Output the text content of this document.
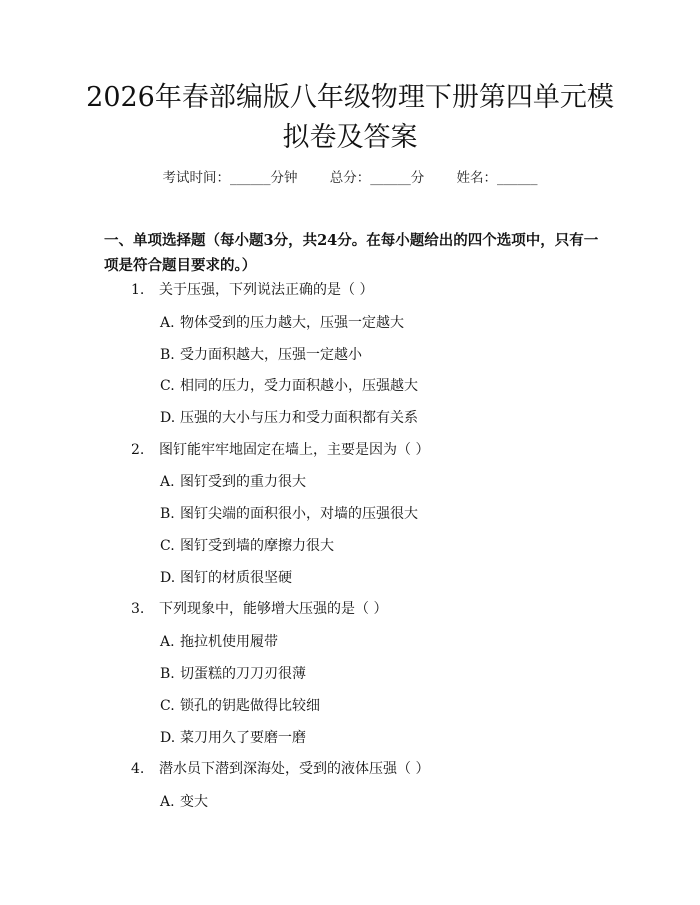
2026年春部编版八年级物理下册第四单元模拟卷及答案
考试时间：______分钟 总分：______分 姓名：______

一、单项选择题（每小题3分，共24分。在每小题给出的四个选项中，只有一项是符合题目要求的。）

1. 关于压强，下列说法正确的是（ ）
A. 物体受到的压力越大，压强一定越大
B. 受力面积越大，压强一定越小
C. 相同的压力，受力面积越小，压强越大
D. 压强的大小与压力和受力面积都有关系
2. 图钉能牢牢地固定在墙上，主要是因为（ ）
A. 图钉受到的重力很大
B. 图钉尖端的面积很小，对墙的压强很大
C. 图钉受到墙的摩擦力很大
D. 图钉的材质很坚硬
3. 下列现象中，能够增大压强的是（ ）
A. 拖拉机使用履带
B. 切蛋糕的刀刀刃很薄
C. 锁孔的钥匙做得比较细
D. 菜刀用久了要磨一磨
4. 潜水员下潜到深海处，受到的液体压强（ ）
A. 变大
